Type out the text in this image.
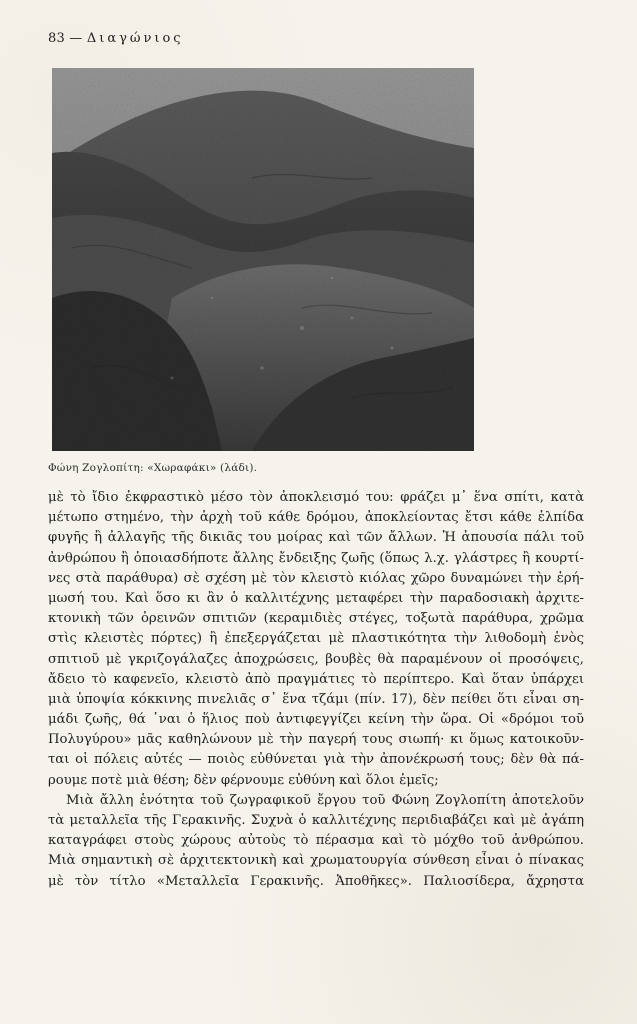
83 — Διαγώνιος
Φώνη Ζογλοπίτη: «Χωραφάκι» (λάδι).
μὲ τὸ ἴδιο ἐκφραστικὸ μέσο τὸν ἀποκλεισμό του: φράζει μ᾽ ἕνα σπίτι, κατὰ
μέτωπο στημένο, τὴν ἀρχὴ τοῦ κάθε δρόμου, ἀποκλείοντας ἔτσι κάθε ἐλπίδα
φυγῆς ἢ ἀλλαγῆς τῆς δικιᾶς του μοίρας καὶ τῶν ἄλλων. Ἡ ἀπουσία πάλι τοῦ
ἀνθρώπου ἢ ὁποιασδήποτε ἄλλης ἔνδειξης ζωῆς (ὅπως λ.χ. γλάστρες ἢ κουρτί-
νες στὰ παράθυρα) σὲ σχέση μὲ τὸν κλειστὸ κιόλας χῶρο δυναμώνει τὴν ἐρή-
μωσή του. Καὶ ὅσο κι ἂν ὁ καλλιτέχνης μεταφέρει τὴν παραδοσιακὴ ἀρχιτε-
κτονικὴ τῶν ὀρεινῶν σπιτιῶν (κεραμιδιὲς στέγες, τοξωτὰ παράθυρα, χρῶμα
στὶς κλειστὲς πόρτες) ἢ ἐπεξεργάζεται μὲ πλαστικότητα τὴν λιθοδομὴ ἑνὸς
σπιτιοῦ μὲ γκριζογάλαζες ἀποχρώσεις, βουβὲς θὰ παραμένουν οἱ προσόψεις,
ἄδειο τὸ καφενεῖο, κλειστὸ ἀπὸ πραγμάτιες τὸ περίπτερο. Καὶ ὅταν ὑπάρχει
μιὰ ὑποψία κόκκινης πινελιᾶς σ᾽ ἕνα τζάμι (πίν. 17), δὲν πείθει ὅτι εἶναι ση-
μάδι ζωῆς, θά ᾽ναι ὁ ἥλιος ποὺ ἀντιφεγγίζει κείνη τὴν ὥρα. Οἱ «δρόμοι τοῦ
Πολυγύρου» μᾶς καθηλώνουν μὲ τὴν παγερή τους σιωπή· κι ὅμως κατοικοῦν-
ται οἱ πόλεις αὐτές — ποιὸς εὐθύνεται γιὰ τὴν ἀπονέκρωσή τους; δὲν θὰ πά-
ρουμε ποτὲ μιὰ θέση; δὲν φέρνουμε εὐθύνη καὶ ὅλοι ἐμεῖς;
Μιὰ ἄλλη ἑνότητα τοῦ ζωγραφικοῦ ἔργου τοῦ Φώνη Ζογλοπίτη ἀποτελοῦν
τὰ μεταλλεῖα τῆς Γερακινῆς. Συχνὰ ὁ καλλιτέχνης περιδιαβάζει καὶ μὲ ἀγάπη
καταγράφει στοὺς χώρους αὐτοὺς τὸ πέρασμα καὶ τὸ μόχθο τοῦ ἀνθρώπου.
Μιὰ σημαντικὴ σὲ ἀρχιτεκτονικὴ καὶ χρωματουργία σύνθεση εἶναι ὁ πίνακας
μὲ τὸν τίτλο «Μεταλλεῖα Γερακινῆς. Ἀποθῆκες». Παλιοσίδερα, ἄχρηστα
